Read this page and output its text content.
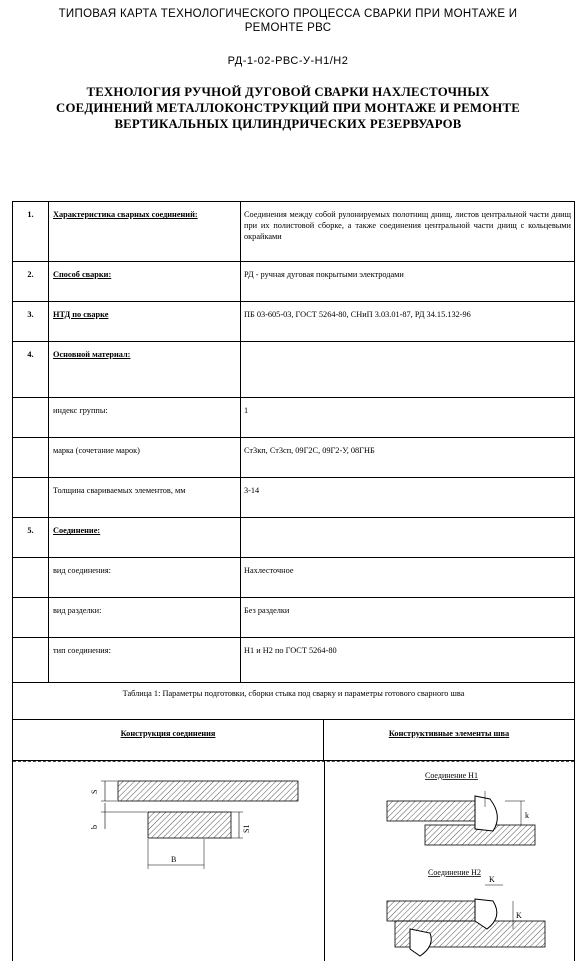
ТИПОВАЯ КАРТА ТЕХНОЛОГИЧЕСКОГО ПРОЦЕССА СВАРКИ ПРИ МОНТАЖЕ И
РЕМОНТЕ РВС
РД-1-02-РВС-У-Н1/Н2
ТЕХНОЛОГИЯ РУЧНОЙ ДУГОВОЙ СВАРКИ НАХЛЕСТОЧНЫХ
СОЕДИНЕНИЙ МЕТАЛЛОКОНСТРУКЦИЙ ПРИ МОНТАЖЕ И РЕМОНТЕ
ВЕРТИКАЛЬНЫХ ЦИЛИНДРИЧЕСКИХ РЕЗЕРВУАРОВ
1.	Характеристика сварных соединений:	Соединения между собой рулонируемых полотнищ днищ, листов центральной части днищ при их полистовой сборке, а также соединения центральной части днищ с кольцевыми окрайками
2.	Способ сварки:	РД - ручная дуговая покрытыми электродами
3.	НТД по сварке	ПБ 03-605-03, ГОСТ 5264-80, СНиП 3.03.01-87, РД 34.15.132-96
4.	Основной материал:
индекс группы:	1
марка (сочетание марок)	Ст3кп, Ст3сп, 09Г2С, 09Г2-У, 08ГНБ
Толщина свариваемых элементов, мм	3-14
5.	Соединение:
вид соединения:	Нахлесточное
вид разделки:	Без разделки
тип соединения:	Н1 и Н2 по ГОСТ 5264-80
Таблица 1: Параметры подготовки, сборки стыка под сварку и параметры готового сварного шва
Конструкция соединения	Конструктивные элементы шва
S
b	S1
B
Соединение Н1
k
Соединение Н2
K
K
